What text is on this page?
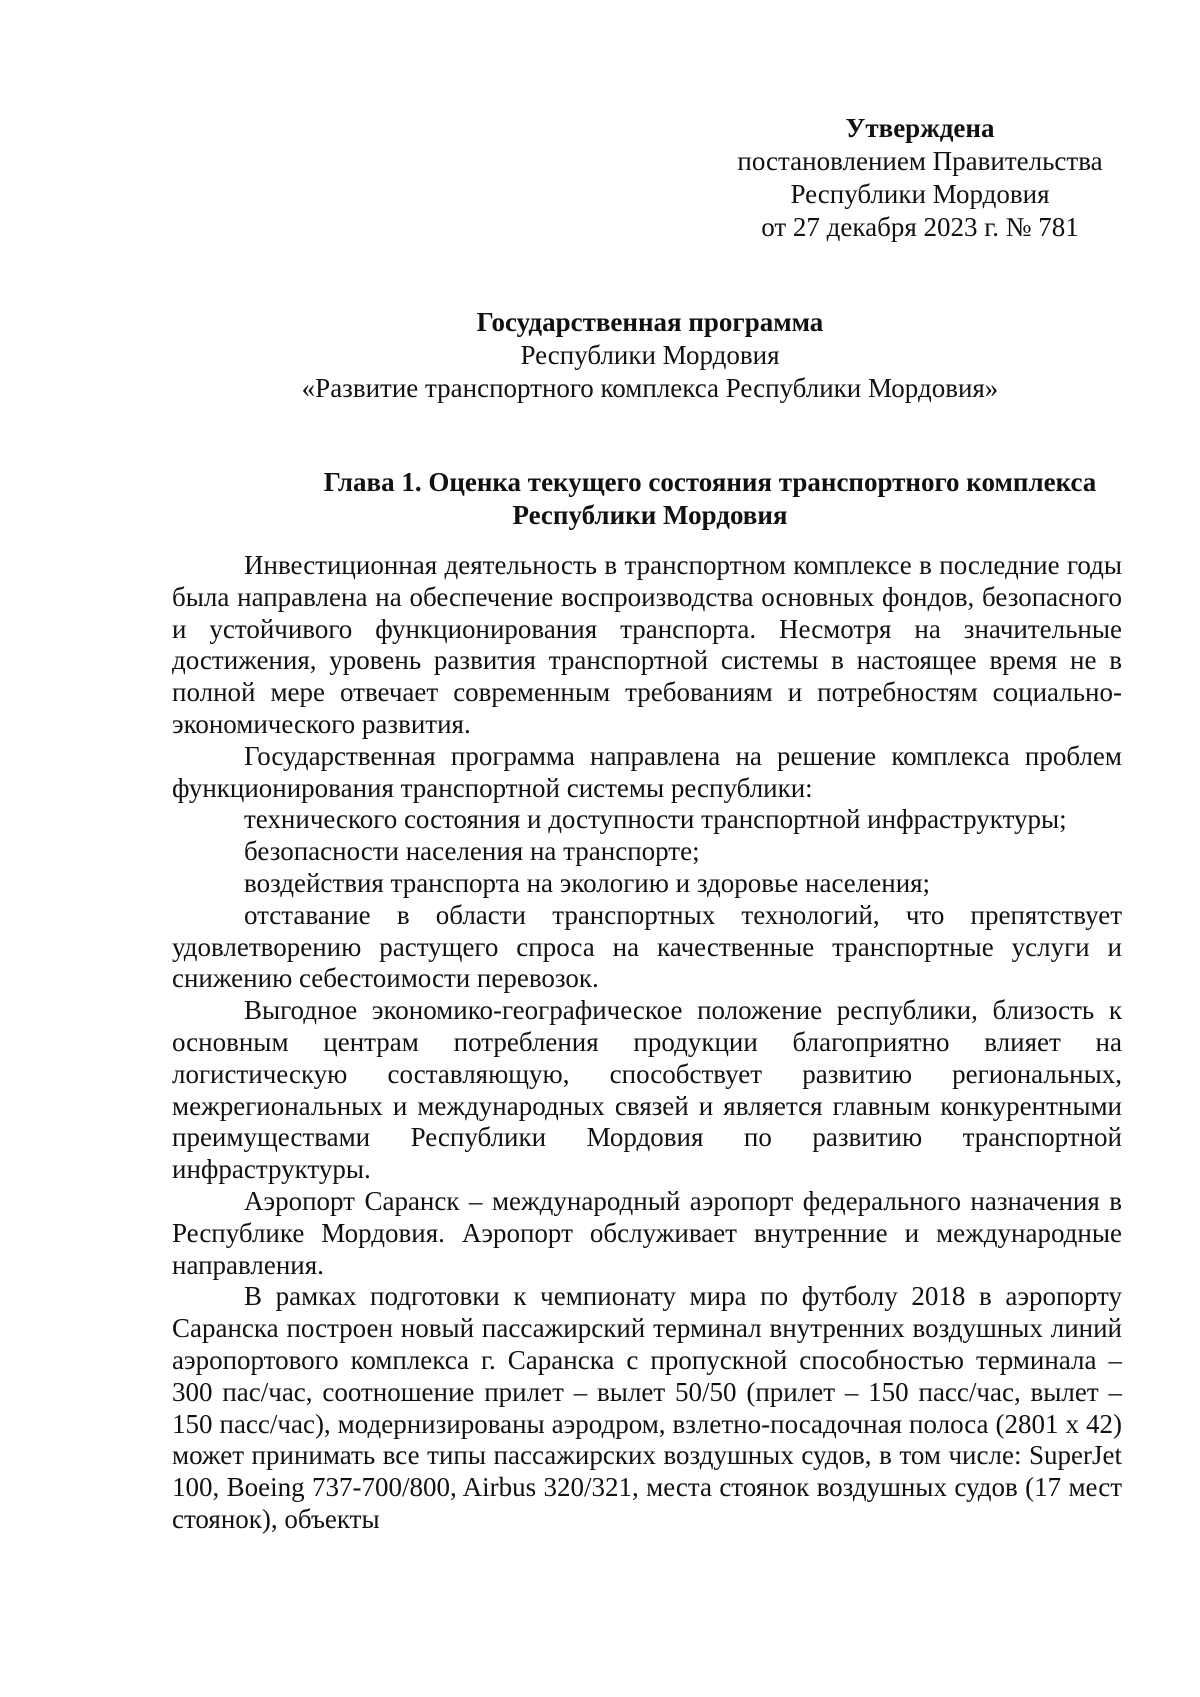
Утверждена
постановлением Правительства
Республики Мордовия
от 27 декабря 2023 г. № 781
Государственная программа
Республики Мордовия
«Развитие транспортного комплекса Республики Мордовия»
Глава 1. Оценка текущего состояния транспортного комплекса
Республики Мордовия

Инвестиционная деятельность в транспортном комплексе в последние годы была направлена на обеспечение воспроизводства основных фондов, безопасного и устойчивого функционирования транспорта. Несмотря на значительные достижения, уровень развития транспортной системы в настоящее время не в полной мере отвечает современным требованиям и потребностям социально-экономического развития.

Государственная программа направлена на решение комплекса проблем функционирования транспортной системы республики:

технического состояния и доступности транспортной инфраструктуры;

безопасности населения на транспорте;

воздействия транспорта на экологию и здоровье населения;

отставание в области транспортных технологий, что препятствует удовлетворению растущего спроса на качественные транспортные услуги и снижению себестоимости перевозок.

Выгодное экономико-географическое положение республики, близость к основным центрам потребления продукции благоприятно влияет на логистическую составляющую, способствует развитию региональных, межрегиональных и международных связей и является главным конкурентными преимуществами Республики Мордовия по развитию транспортной инфраструктуры.

Аэропорт Саранск – международный аэропорт федерального назначения в Республике Мордовия. Аэропорт обслуживает внутренние и международные направления.

В рамках подготовки к чемпионату мира по футболу 2018 в аэропорту Саранска построен новый пассажирский терминал внутренних воздушных линий аэропортового комплекса г. Саранска с пропускной способностью терминала – 300 пас/час, соотношение прилет – вылет 50/50 (прилет – 150 пасс/час, вылет – 150 пасс/час), модернизированы аэродром, взлетно-посадочная полоса (2801 x 42) может принимать все типы пассажирских воздушных судов, в том числе: SuperJet 100, Boeing 737-700/800, Airbus 320/321, места стоянок воздушных судов (17 мест стоянок), объекты
